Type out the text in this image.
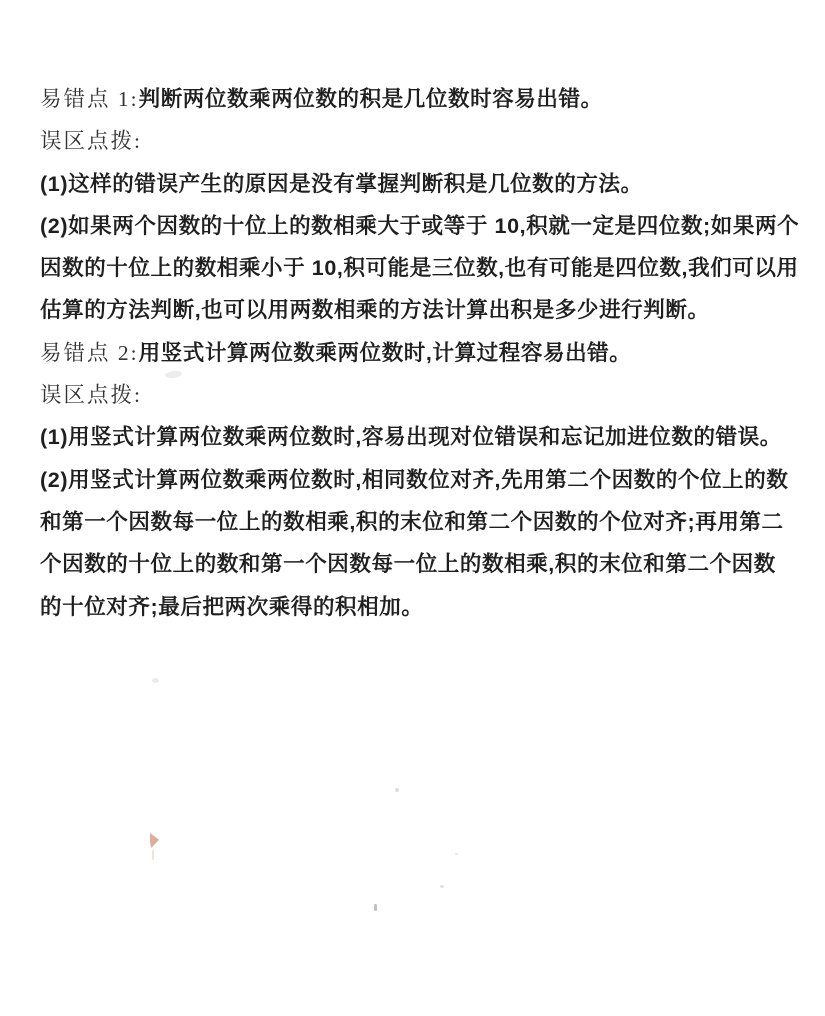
易错点 1:判断两位数乘两位数的积是几位数时容易出错。
误区点拨:
(1)这样的错误产生的原因是没有掌握判断积是几位数的方法。
(2)如果两个因数的十位上的数相乘大于或等于 10,积就一定是四位数;如果两个
因数的十位上的数相乘小于 10,积可能是三位数,也有可能是四位数,我们可以用
估算的方法判断,也可以用两数相乘的方法计算出积是多少进行判断。
易错点 2:用竖式计算两位数乘两位数时,计算过程容易出错。
误区点拨:
(1)用竖式计算两位数乘两位数时,容易出现对位错误和忘记加进位数的错误。
(2)用竖式计算两位数乘两位数时,相同数位对齐,先用第二个因数的个位上的数
和第一个因数每一位上的数相乘,积的末位和第二个因数的个位对齐;再用第二
个因数的十位上的数和第一个因数每一位上的数相乘,积的末位和第二个因数
的十位对齐;最后把两次乘得的积相加。
